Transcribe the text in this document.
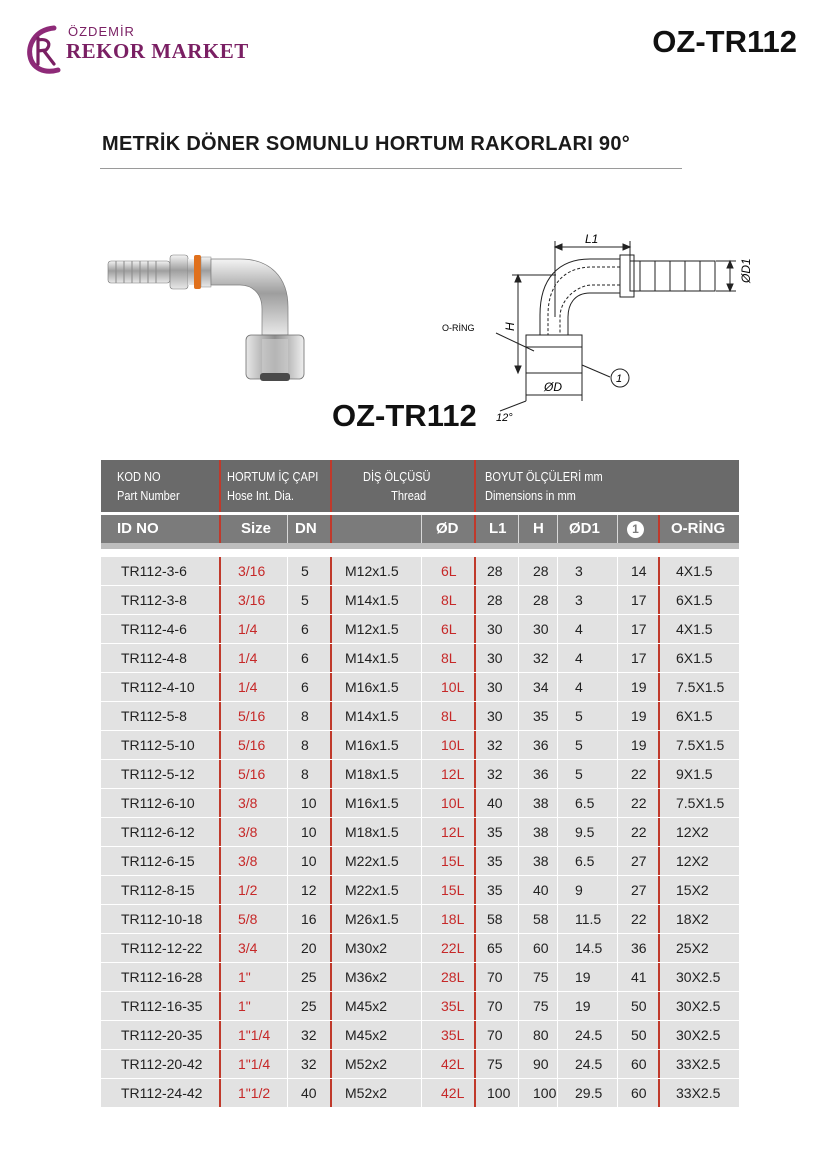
ÖZDEMİR
REKOR MARKET	OZ-TR112
METRİK DÖNER SOMUNLU HORTUM RAKORLARI 90°
L1
H
ØD1
ØD
O-RİNG
12°
1
OZ-TR112
KOD NO
Part Number
HORTUM İÇ ÇAPI
Hose Int. Dia.
DİŞ ÖLÇÜSÜ
Thread
BOYUT ÖLÇÜLERİ mm
Dimensions in mm
ID NO	Size DN	ØD L1 H ØD1	1	O-RİNG
TR112-3-6	3/16	5	M12x1.5	6L 28 28 3	14 4X1.5
TR112-3-8	3/16	5	M14x1.5	8L 28 28 3	17 6X1.5
TR112-4-6	1/4	6	M12x1.5	6L 30 30 4	17 4X1.5
TR112-4-8	1/4	6	M14x1.5	8L 30 32 4	17 6X1.5
TR112-4-10	1/4	6	M16x1.5	10L 30 34 4	19 7.5X1.5
TR112-5-8	5/16	8	M14x1.5	8L 30 35 5	19 6X1.5
TR112-5-10	5/16	8	M16x1.5	10L 32 36 5	19 7.5X1.5
TR112-5-12	5/16	8	M18x1.5	12L 32 36 5	22 9X1.5
TR112-6-10	3/8	10 M16x1.5	10L 40 38 6.5	22 7.5X1.5
TR112-6-12	3/8	10 M18x1.5	12L 35 38 9.5	22 12X2
TR112-6-15	3/8	10 M22x1.5	15L 35 38 6.5	27 12X2
TR112-8-15	1/2	12 M22x1.5	15L 35 40 9	27 15X2
TR112-10-18	5/8	16 M26x1.5	18L 58 58 11.5 22 18X2
TR112-12-22	3/4	20 M30x2	22L 65 60 14.5 36 25X2
TR112-16-28	1"	25 M36x2	28L 70 75 19	41 30X2.5
TR112-16-35	1"	25 M45x2	35L 70 75 19	50 30X2.5
TR112-20-35	1"1/4 32 M45x2	35L 70 80 24.5 50 30X2.5
TR112-20-42	1"1/4 32 M52x2	42L 75 90 24.5 60 33X2.5
TR112-24-42	1"1/2 40 M52x2	42L 100 100 29.5 60 33X2.5
